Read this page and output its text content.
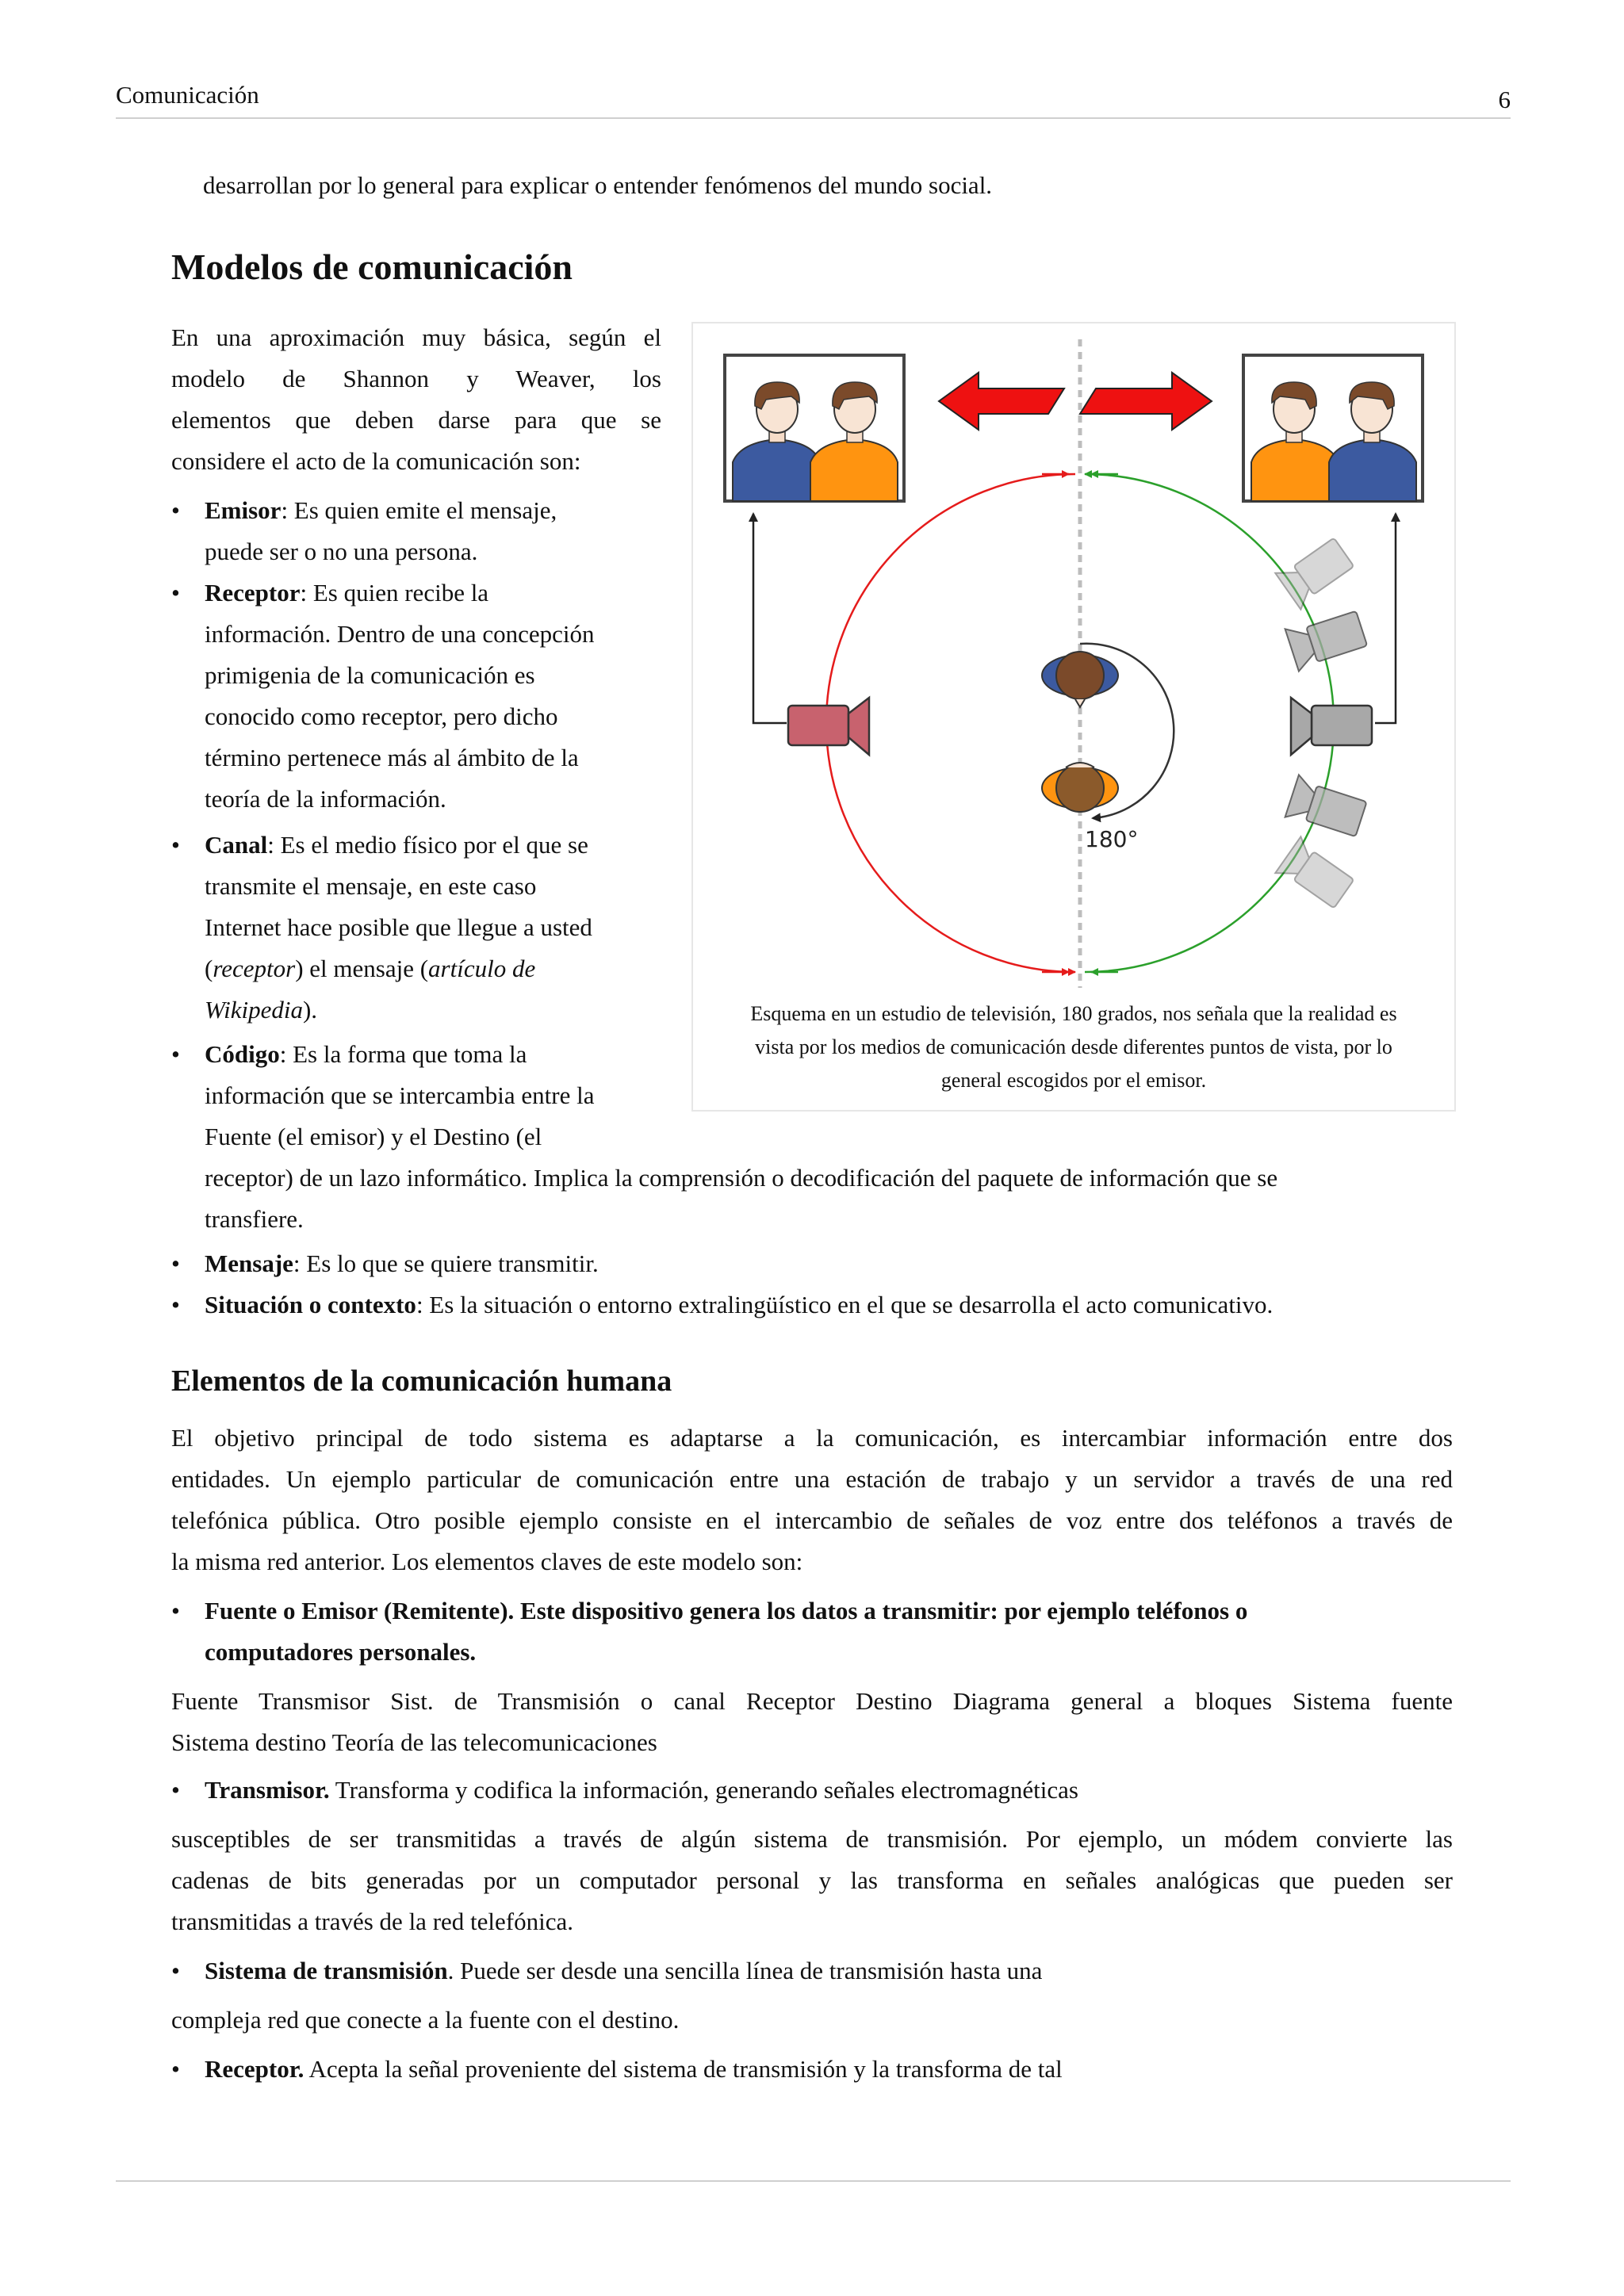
Comunicación	6

desarrollan por lo general para explicar o entender fenómenos del mundo social.

Modelos de comunicación
En una aproximación muy básica, según el
modelo de Shannon y Weaver, los
elementos que deben darse para que se
considere el acto de la comunicación son:
•	Emisor: Es quien emite el mensaje,
puede ser o no una persona.
•	Receptor: Es quien recibe la
información. Dentro de una concepción
primigenia de la comunicación es
conocido como receptor, pero dicho
término pertenece más al ámbito de la
teoría de la información.
•	Canal: Es el medio físico por el que se
transmite el mensaje, en este caso
Internet hace posible que llegue a usted
(receptor) el mensaje (artículo de
Wikipedia).
•	Código: Es la forma que toma la
información que se intercambia entre la
Fuente (el emisor) y el Destino (el
receptor) de un lazo informático. Implica la comprensión o decodificación del paquete de información que se
transfiere.
•	Mensaje: Es lo que se quiere transmitir.
•	Situación o contexto: Es la situación o entorno extralingüístico en el que se desarrolla el acto comunicativo.
180°
Esquema en un estudio de televisión, 180 grados, nos señala que la realidad es
vista por los medios de comunicación desde diferentes puntos de vista, por lo
general escogidos por el emisor.
Elementos de la comunicación humana
El objetivo principal de todo sistema es adaptarse a la comunicación, es intercambiar información entre dos
entidades. Un ejemplo particular de comunicación entre una estación de trabajo y un servidor a través de una red
telefónica pública. Otro posible ejemplo consiste en el intercambio de señales de voz entre dos teléfonos a través de
la misma red anterior. Los elementos claves de este modelo son:
•	Fuente o Emisor (Remitente). Este dispositivo genera los datos a transmitir: por ejemplo teléfonos o
computadores personales.
Fuente Transmisor Sist. de Transmisión o canal Receptor Destino Diagrama general a bloques Sistema fuente
Sistema destino Teoría de las telecomunicaciones
•	Transmisor. Transforma y codifica la información, generando señales electromagnéticas
susceptibles de ser transmitidas a través de algún sistema de transmisión. Por ejemplo, un módem convierte las
cadenas de bits generadas por un computador personal y las transforma en señales analógicas que pueden ser
transmitidas a través de la red telefónica.
•	Sistema de transmisión. Puede ser desde una sencilla línea de transmisión hasta una

compleja red que conecte a la fuente con el destino.

•	Receptor. Acepta la señal proveniente del sistema de transmisión y la transforma de tal
